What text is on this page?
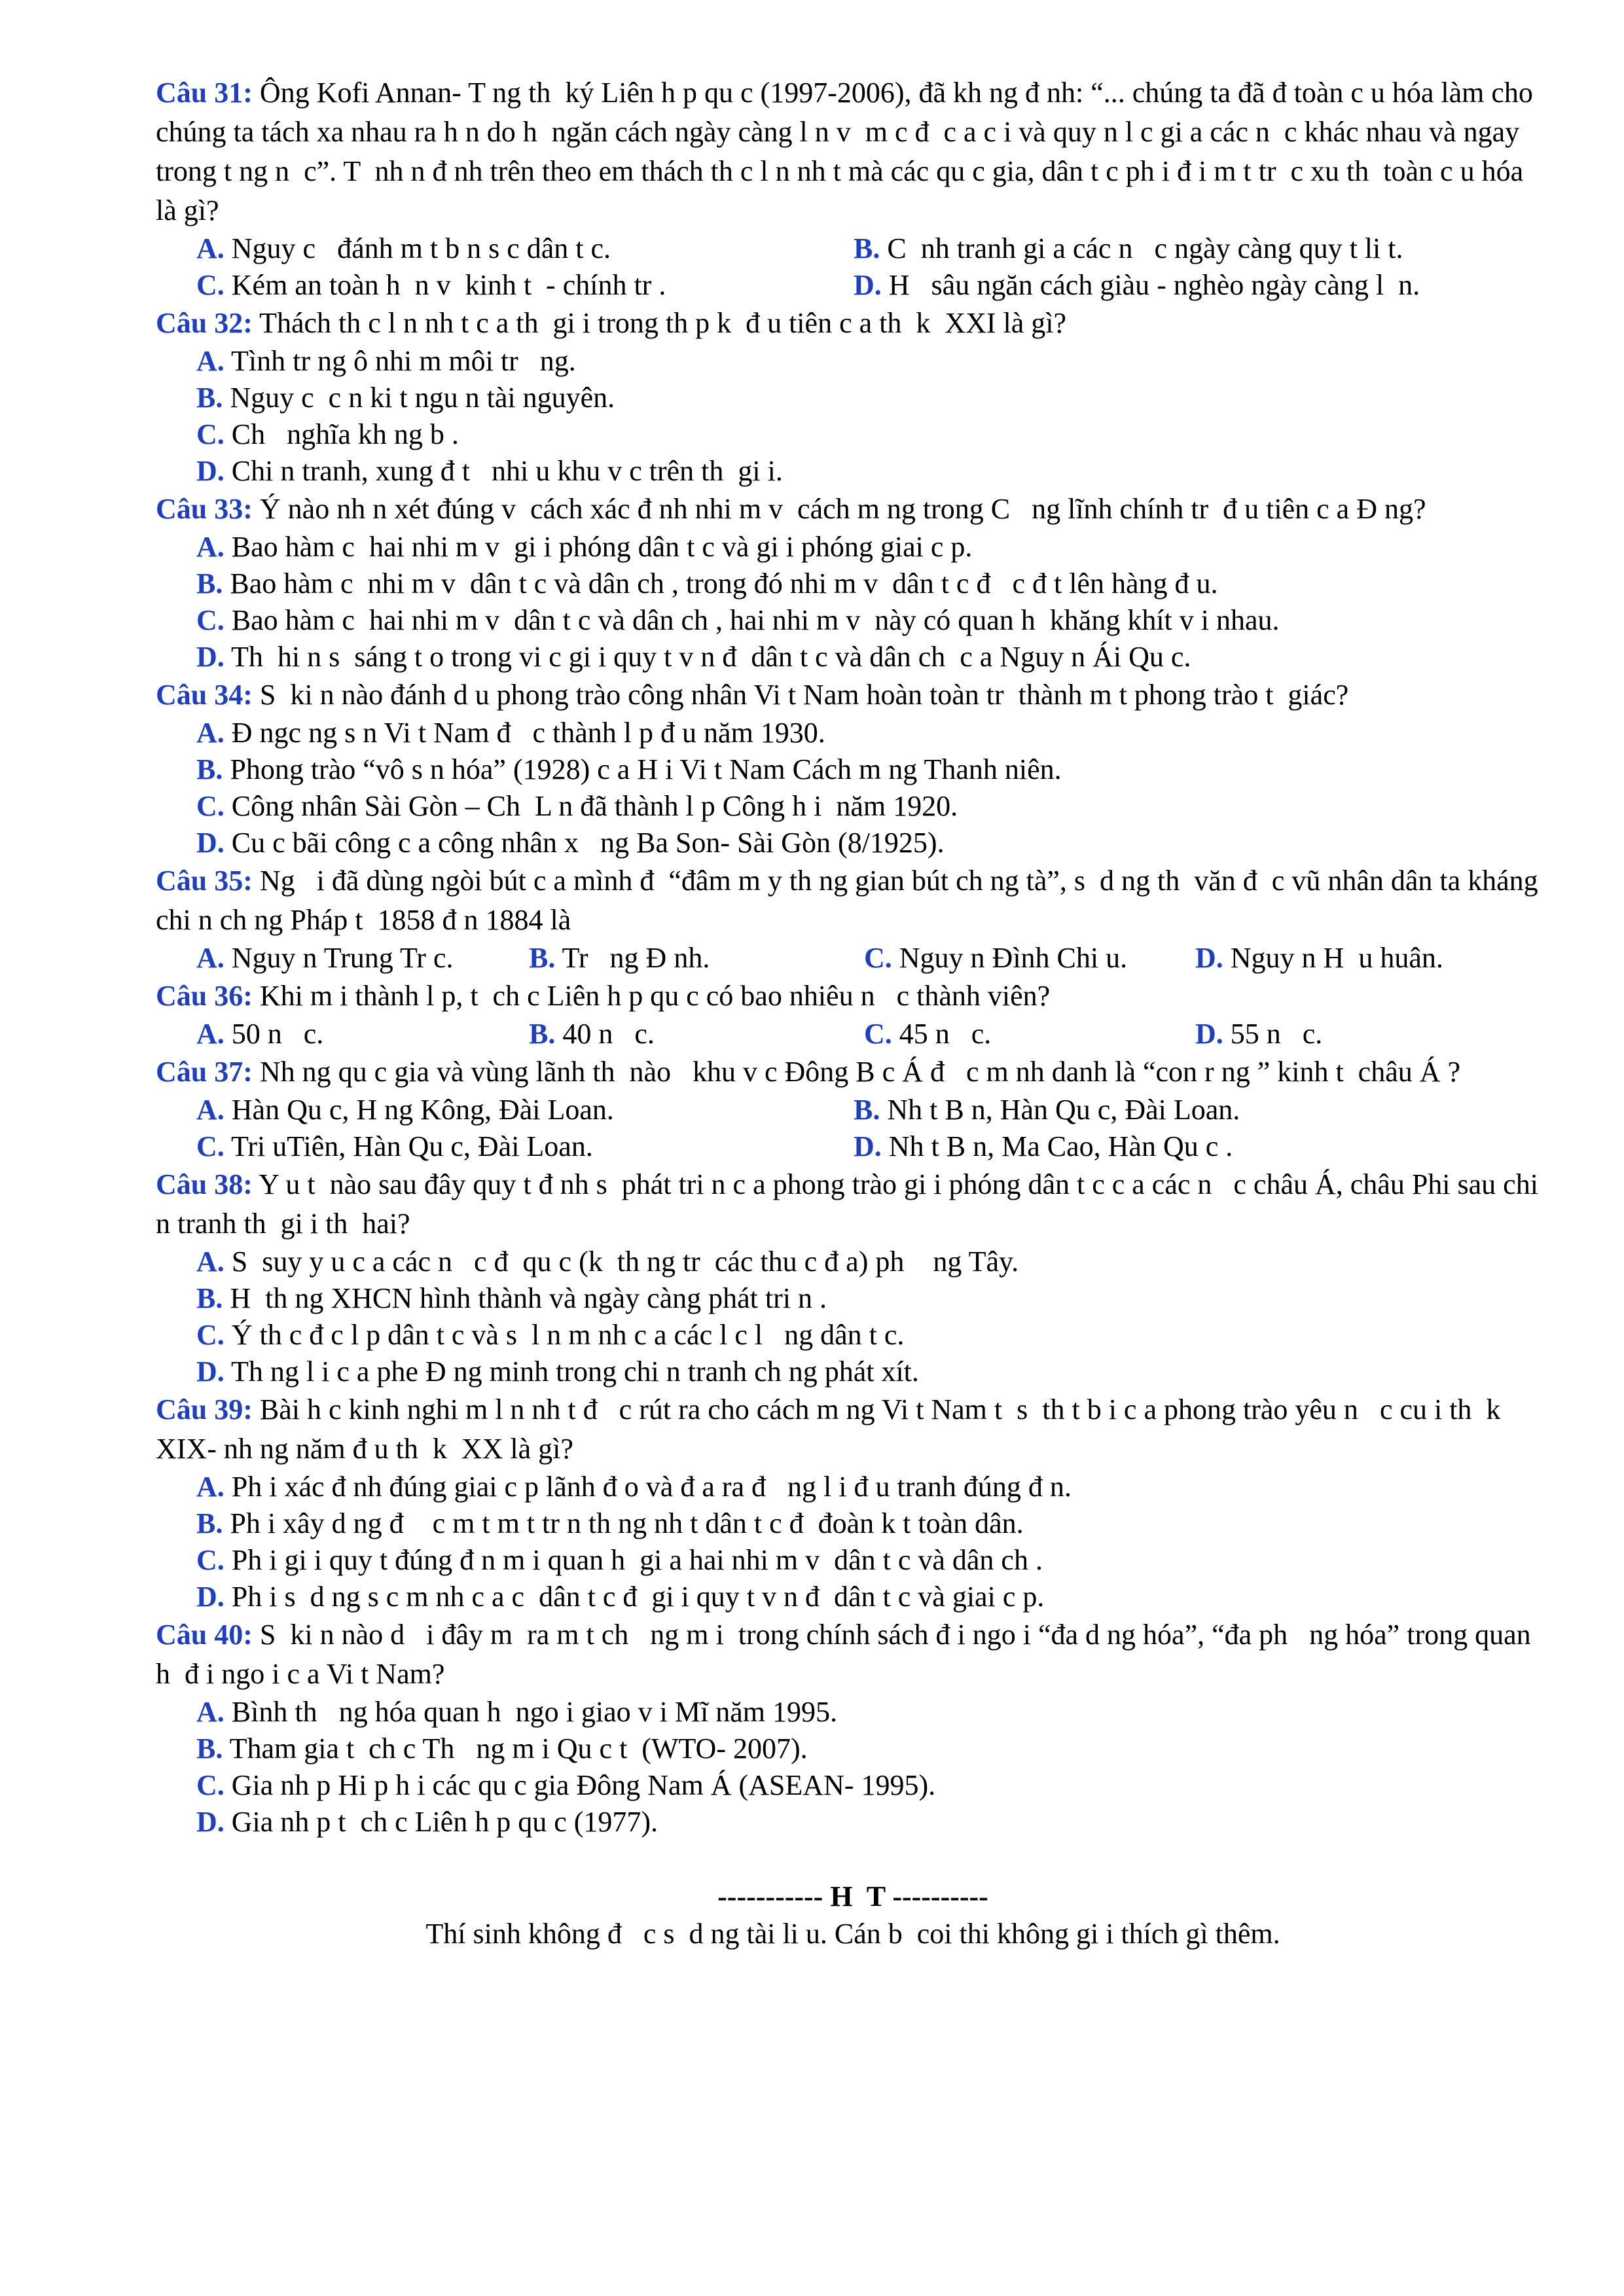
Câu 31: Ông Kofi Annan- T ng th  ký Liên h p qu c (1997-2006), đã kh ng đ nh: “... chúng ta đã đ toàn c u hóa làm cho chúng ta tách xa nhau ra h n do h  ngăn cách ngày càng l n v  m c đ  c a c i và quy n l c gi a các n  c khác nhau và ngay trong t ng n  c”. T  nh n đ nh trên theo em thách th c l n nh t mà các qu c gia, dân t c ph i đ i m t tr  c xu th  toàn c u hóa là gì?
A. Nguy c   đánh m t b n s c dân t c.	B. C  nh tranh gi a các n   c ngày càng quy t li t.
C. Kém an toàn h  n v  kinh t  - chính tr .	D. H   sâu ngăn cách giàu - nghèo ngày càng l  n.
Câu 32: Thách th c l n nh t c a th  gi i trong th p k  đ u tiên c a th  k  XXI là gì?
A. Tình tr ng ô nhi m môi tr   ng.
B. Nguy c  c n ki t ngu n tài nguyên.
C. Ch   nghĩa kh ng b .
D. Chi n tranh, xung đ t   nhi u khu v c trên th  gi i.
Câu 33: Ý nào nh n xét đúng v  cách xác đ nh nhi m v  cách m ng trong C   ng lĩnh chính tr  đ u tiên c a Đ ng?
A. Bao hàm c  hai nhi m v  gi i phóng dân t c và gi i phóng giai c p.
B. Bao hàm c  nhi m v  dân t c và dân ch , trong đó nhi m v  dân t c đ   c đ t lên hàng đ u.
C. Bao hàm c  hai nhi m v  dân t c và dân ch , hai nhi m v  này có quan h  khăng khít v i nhau.
D. Th  hi n s  sáng t o trong vi c gi i quy t v n đ  dân t c và dân ch  c a Nguy n Ái Qu c.
Câu 34: S  ki n nào đánh d u phong trào công nhân Vi t Nam hoàn toàn tr  thành m t phong trào t  giác?
A. Đ ngc ng s n Vi t Nam đ   c thành l p đ u năm 1930.
B. Phong trào “vô s n hóa” (1928) c a H i Vi t Nam Cách m ng Thanh niên.
C. Công nhân Sài Gòn – Ch  L n đã thành l p Công h i  năm 1920.
D. Cu c bãi công c a công nhân x   ng Ba Son- Sài Gòn (8/1925).
Câu 35: Ng   i đã dùng ngòi bút c a mình đ  “đâm m y th ng gian bút ch ng tà”, s  d ng th  văn đ  c vũ nhân dân ta kháng chi n ch ng Pháp t  1858 đ n 1884 là
A. Nguy n Trung Tr c.	B. Tr   ng Đ nh.	C. Nguy n Đình Chi u.	D. Nguy n H  u huân.
Câu 36: Khi m i thành l p, t  ch c Liên h p qu c có bao nhiêu n   c thành viên?
A. 50 n   c.	B. 40 n   c.	C. 45 n   c.	D. 55 n   c.
Câu 37: Nh ng qu c gia và vùng lãnh th  nào   khu v c Đông B c Á đ   c m nh danh là “con r ng ” kinh t  châu Á ?
A. Hàn Qu c, H ng Kông, Đài Loan.	B. Nh t B n, Hàn Qu c, Đài Loan.
C. Tri uTiên, Hàn Qu c, Đài Loan.	D. Nh t B n, Ma Cao, Hàn Qu c .
Câu 38: Y u t  nào sau đây quy t đ nh s  phát tri n c a phong trào gi i phóng dân t c c a các n   c châu Á, châu Phi sau chi n tranh th  gi i th  hai?
A. S  suy y u c a các n   c đ  qu c (k  th ng tr  các thu c đ a) ph    ng Tây.
B. H  th ng XHCN hình thành và ngày càng phát tri n .
C. Ý th c đ c l p dân t c và s  l n m nh c a các l c l   ng dân t c.
D. Th ng l i c a phe Đ ng minh trong chi n tranh ch ng phát xít.
Câu 39: Bài h c kinh nghi m l n nh t đ   c rút ra cho cách m ng Vi t Nam t  s  th t b i c a phong trào yêu n   c cu i th  k  XIX- nh ng năm đ u th  k  XX là gì?
A. Ph i xác đ nh đúng giai c p lãnh đ o và đ a ra đ   ng l i đ u tranh đúng đ n.
B. Ph i xây d ng đ    c m t m t tr n th ng nh t dân t c đ  đoàn k t toàn dân.
C. Ph i gi i quy t đúng đ n m i quan h  gi a hai nhi m v  dân t c và dân ch .
D. Ph i s  d ng s c m nh c a c  dân t c đ  gi i quy t v n đ  dân t c và giai c p.
Câu 40: S  ki n nào d   i đây m  ra m t ch   ng m i  trong chính sách đ i ngo i “đa d ng hóa”, “đa ph   ng hóa” trong quan h  đ i ngo i c a Vi t Nam?
A. Bình th   ng hóa quan h  ngo i giao v i Mĩ năm 1995.
B. Tham gia t  ch c Th   ng m i Qu c t  (WTO- 2007).
C. Gia nh p Hi p h i các qu c gia Đông Nam Á (ASEAN- 1995).
D. Gia nh p t  ch c Liên h p qu c (1977).
----------- H  T ----------
Thí sinh không đ   c s  d ng tài li u. Cán b  coi thi không gi i thích gì thêm.
